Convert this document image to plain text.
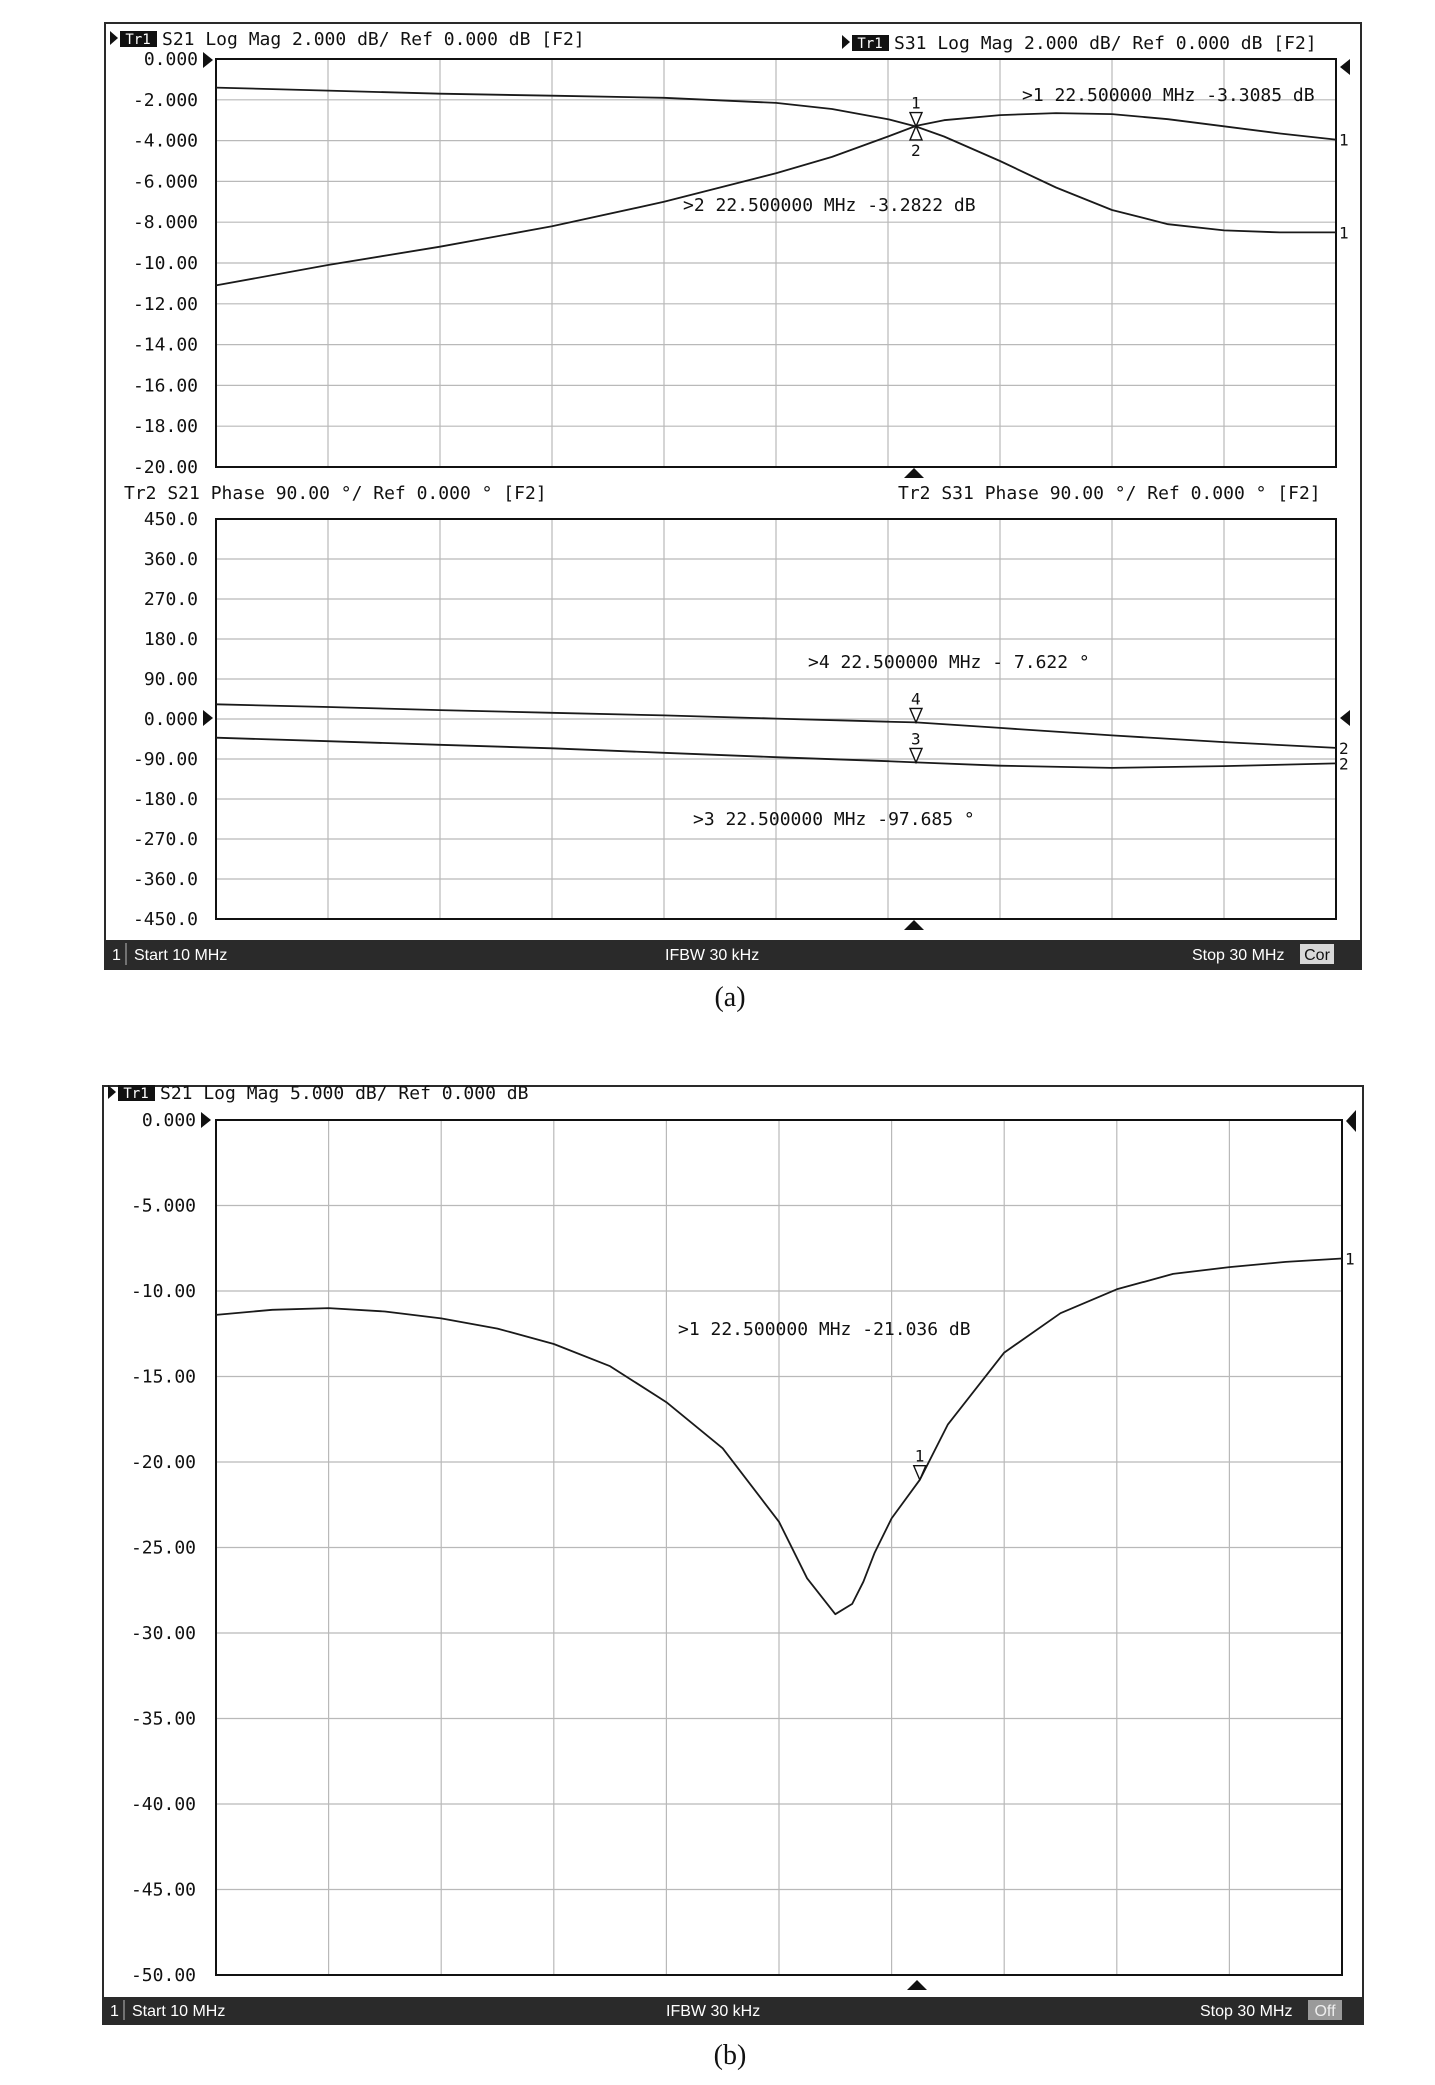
0.000
-2.000
-4.000
-6.000
-8.000
-10.00
-12.00
-14.00
-16.00
-18.00
-20.00
1
1
1	>1 22.500000 MHz -3.3085 dB
2
>2 22.500000 MHz -3.2822 dB
Tr1 S21 Log Mag 2.000 dB/ Ref 0.000 dB [F2]	Tr1 S31 Log Mag 2.000 dB/ Ref 0.000 dB [F2]
450.0
360.0
270.0
180.0
90.00
0.000
-90.00
-180.0
-270.0
-360.0
-450.0
2
2
4
>4 22.500000 MHz - 7.622 °
3
>3 22.500000 MHz -97.685 °
Tr2 S21 Phase 90.00 °/ Ref 0.000 ° [F2]	Tr2 S31 Phase 90.00 °/ Ref 0.000 ° [F2]
1 Start 10 MHz	IFBW 30 kHz	Stop 30 MHz Cor
0.000
-5.000
-10.00
-15.00
-20.00
-25.00
-30.00
-35.00
-40.00
-45.00
-50.00
1
1
>1 22.500000 MHz -21.036 dB
Tr1 S21 Log Mag 5.000 dB/ Ref 0.000 dB
1 Start 10 MHz	IFBW 30 kHz	Stop 30 MHz Off
(a)
(b)
